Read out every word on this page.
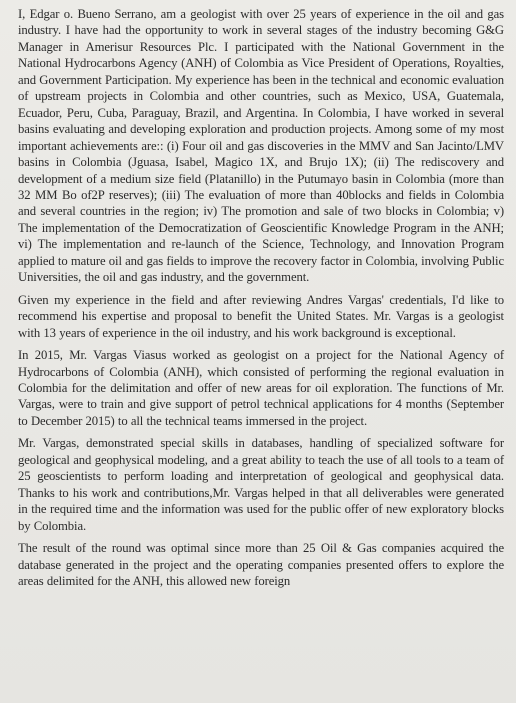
I, Edgar o. Bueno Serrano, am a geologist with over 25 years of experience in the oil and gas industry. I have had the opportunity to work in several stages of the industry becoming G&G Manager in Amerisur Resources Plc. I participated with the National Government in the National Hydrocarbons Agency (ANH) of Colombia as Vice President of Operations, Royalties, and Government Participation. My experience has been in the technical and economic evaluation of upstream projects in Colombia and other countries, such as Mexico, USA, Guatemala, Ecuador, Peru, Cuba, Paraguay, Brazil, and Argentina. In Colombia, I have worked in several basins evaluating and developing exploration and production projects. Among some of my most important achievements are:: (i) Four oil and gas discoveries in the MMV and San Jacinto/LMV basins in Colombia (Jguasa, Isabel, Magico 1X, and Brujo 1X); (ii) The rediscovery and development of a medium size field (Platanillo) in the Putumayo basin in Colombia (more than 32 MM Bo of2P reserves); (iii) The evaluation of more than 40blocks and fields in Colombia and several countries in the region; iv) The promotion and sale of two blocks in Colombia; v) The implementation of the Democratization of Geoscientific Knowledge Program in the ANH; vi) The implementation and re-launch of the Science, Technology, and Innovation Program applied to mature oil and gas fields to improve the recovery factor in Colombia, involving Public Universities, the oil and gas industry, and the government.

Given my experience in the field and after reviewing Andres Vargas' credentials, I'd like to recommend his expertise and proposal to benefit the United States. Mr. Vargas is a geologist with 13 years of experience in the oil industry, and his work background is exceptional.

In 2015, Mr. Vargas Viasus worked as geologist on a project for the National Agency of Hydrocarbons of Colombia (ANH), which consisted of performing the regional evaluation in Colombia for the delimitation and offer of new areas for oil exploration. The functions of Mr. Vargas, were to train and give support of petrol technical applications for 4 months (September to December 2015) to all the technical teams immersed in the project.

Mr. Vargas, demonstrated special skills in databases, handling of specialized software for geological and geophysical modeling, and a great ability to teach the use of all tools to a team of 25 geoscientists to perform loading and interpretation of geological and geophysical data. Thanks to his work and contributions,Mr. Vargas helped in that all deliverables were generated in the required time and the information was used for the public offer of new exploratory blocks by Colombia.

The result of the round was optimal since more than 25 Oil & Gas companies acquired the database generated in the project and the operating companies presented offers to explore the areas delimited for the ANH, this allowed new foreign
